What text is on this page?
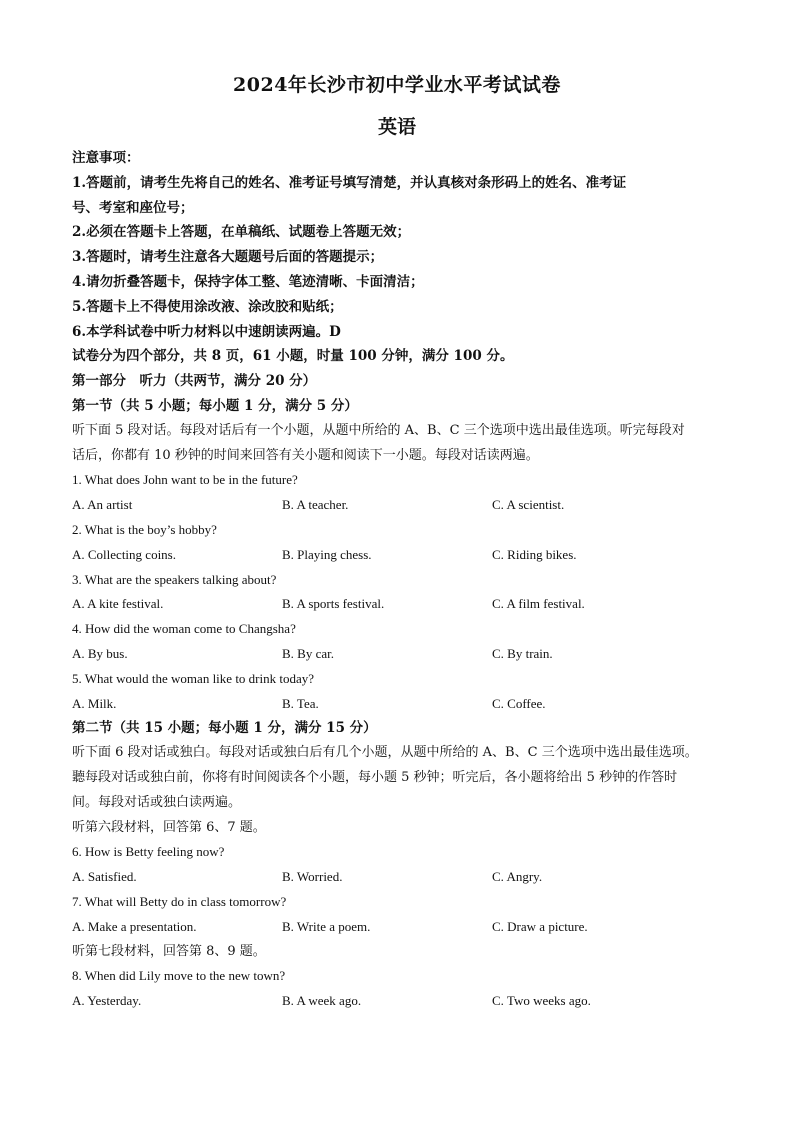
2024年长沙市初中学业水平考试试卷
英语
注意事项：
1.答题前，请考生先将自己的姓名、准考证号填写清楚，并认真核对条形码上的姓名、准考证
号、考室和座位号；
2.必须在答题卡上答题，在单稿纸、试题卷上答题无效；
3.答题时，请考生注意各大题题号后面的答题提示；
4.请勿折叠答题卡，保持字体工整、笔迹清晰、卡面清洁；
5.答题卡上不得使用涂改液、涂改胶和贴纸；
6.本学科试卷中听力材料以中速朗读两遍。D
试卷分为四个部分，共 8 页，61 小题，时量 100 分钟，满分 100 分。
第一部分　听力（共两节，满分 20 分）
第一节（共 5 小题；每小题 1 分，满分 5 分）
听下面 5 段对话。每段对话后有一个小题，从题中所给的 A、B、C 三个选项中选出最佳选项。听完每段对
话后，你都有 10 秒钟的时间来回答有关小题和阅读下一小题。每段对话读两遍。
1. What does John want to be in the future?
A. An artist	B. A teacher.	C. A scientist.
2. What is the boy’s hobby?
A. Collecting coins.	B. Playing chess.	C. Riding bikes.
3. What are the speakers talking about?
A. A kite festival.	B. A sports festival.	C. A film festival.
4. How did the woman come to Changsha?
A. By bus.	B. By car.	C. By train.
5. What would the woman like to drink today?
A. Milk.	B. Tea.	C. Coffee.
第二节（共 15 小题；每小题 1 分，满分 15 分）
听下面 6 段对话或独白。每段对话或独白后有几个小题，从题中所给的 A、B、C 三个选项中选出最佳选项。
聽每段对话或独白前，你将有时间阅读各个小题，每小题 5 秒钟；听完后，各小题将给出 5 秒钟的作答时
间。每段对话或独白读两遍。
听第六段材料，回答第 6、7 题。
6. How is Betty feeling now?
A. Satisfied.	B. Worried.	C. Angry.
7. What will Betty do in class tomorrow?
A. Make a presentation.	B. Write a poem.	C. Draw a picture.
听第七段材料，回答第 8、9 题。
8. When did Lily move to the new town?
A. Yesterday.	B. A week ago.	C. Two weeks ago.
